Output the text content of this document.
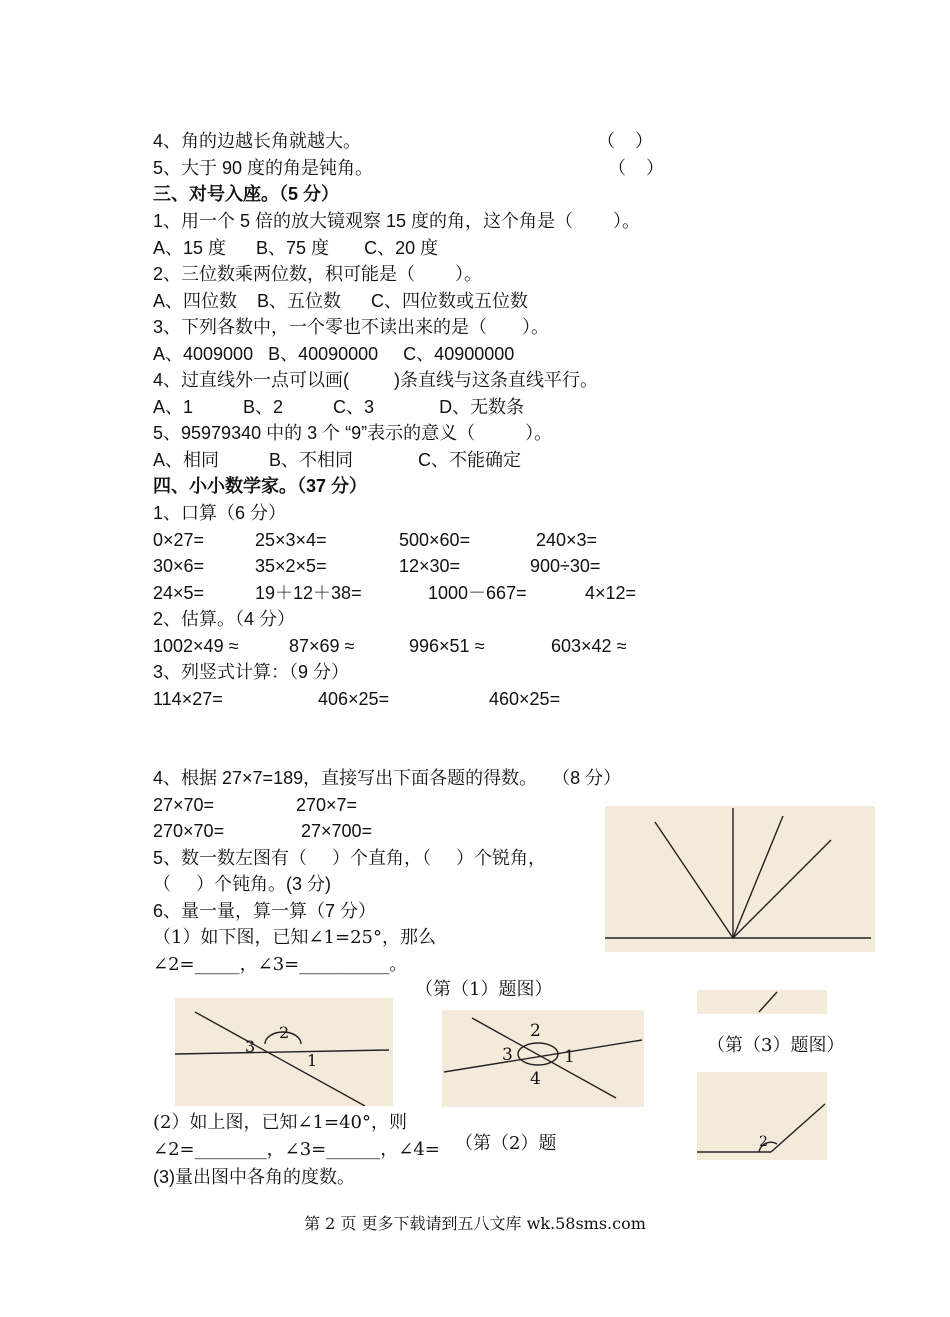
4、角的边越长角就越大。	（    ）
5、大于 90 度的角是钝角。	（    ）
三、对号入座。（5 分）
1、用一个 5 倍的放大镜观察 15 度的角，这个角是（        ）。
A、15 度      B、75 度       C、20 度
2、三位数乘两位数，积可能是（        ）。
A、四位数    B、五位数      C、四位数或五位数
3、下列各数中，一个零也不读出来的是（       ）。
A、4009000   B、40090000     C、40900000
4、过直线外一点可以画(         )条直线与这条直线平行。
A、1          B、2          C、3             D、无数条
5、95979340 中的 3 个 “9”表示的意义（          ）。
A、相同          B、不相同             C、不能确定
四、小小数学家。（37 分）
1、口算（6 分）
0×27=	25×3×4=	500×60=	240×3=
30×6=	35×2×5=	12×30=	900÷30=
24×5=	19＋12＋38=	1000－667=	4×12=
2、估算。（4 分）
1002×49 ≈	87×69 ≈	996×51 ≈	603×42 ≈
3、列竖式计算：（9 分）
114×27=	406×25=	460×25=
4、根据 27×7=189，直接写出下面各题的得数。   （8 分）
27×70=	270×7=
270×70=	27×700=
5、数一数左图有（     ）个直角，（     ）个锐角，
（     ）个钝角。(3 分)
6、量一量，算一算（7 分）
（1）如下图，已知∠1=25°，那么
∠2=_____，∠3=__________。
（第（1）题图）
（第（3）题图）
(2）如上图，已知∠1=40°，则
∠2=________，∠3=______，∠4= （第（2）题
(3)量出图中各角的度数。
2
3
1
2
3	1
4
2
第 2 页 更多下载请到五八文库 wk.58sms.com
